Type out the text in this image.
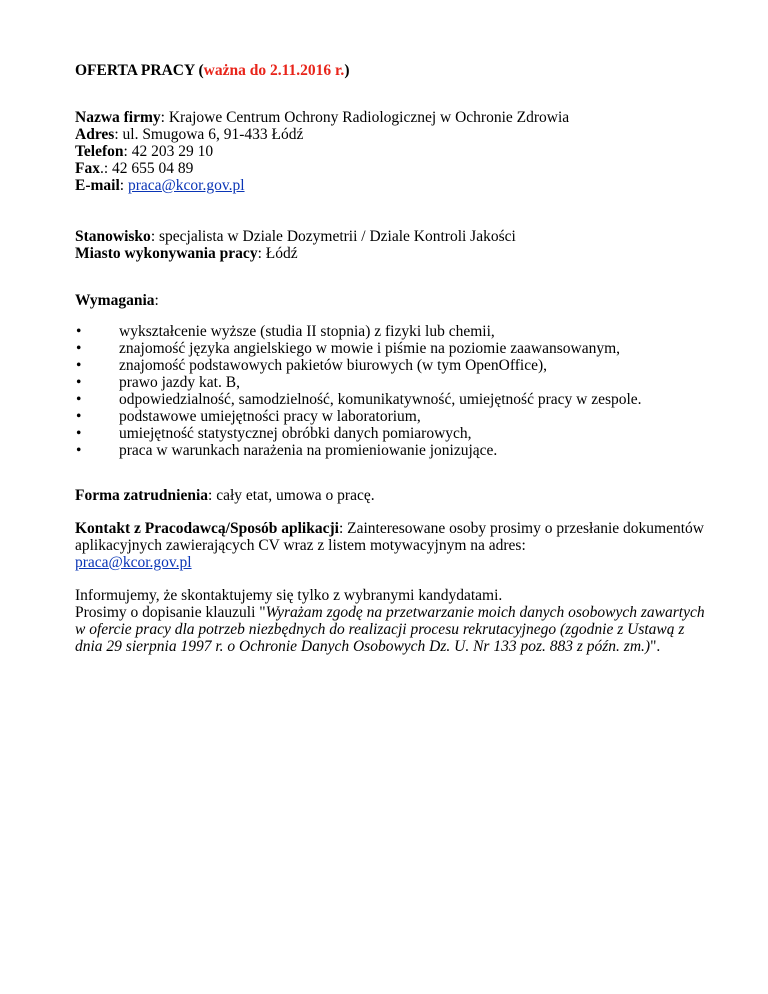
OFERTA PRACY (ważna do 2.11.2016 r.)

Nazwa firmy: Krajowe Centrum Ochrony Radiologicznej w Ochronie Zdrowia

Adres: ul. Smugowa 6, 91-433 Łódź

Telefon: 42 203 29 10

Fax.: 42 655 04 89

E-mail: praca@kcor.gov.pl

Stanowisko: specjalista w Dziale Dozymetrii / Dziale Kontroli Jakości

Miasto wykonywania pracy: Łódź

Wymagania:

• wykształcenie wyższe (studia II stopnia) z fizyki lub chemii,
• znajomość języka angielskiego w mowie i piśmie na poziomie zaawansowanym,
• znajomość podstawowych pakietów biurowych (w tym OpenOffice),
• prawo jazdy kat. B,
• odpowiedzialność, samodzielność, komunikatywność, umiejętność pracy w zespole.
• podstawowe umiejętności pracy w laboratorium,
• umiejętność statystycznej obróbki danych pomiarowych,
• praca w warunkach narażenia na promieniowanie jonizujące.

Forma zatrudnienia: cały etat, umowa o pracę.

Kontakt z Pracodawcą/Sposób aplikacji: Zainteresowane osoby prosimy o przesłanie dokumentów aplikacyjnych zawierających CV wraz z listem motywacyjnym na adres:
praca@kcor.gov.pl

Informujemy, że skontaktujemy się tylko z wybranymi kandydatami.
Prosimy o dopisanie klauzuli "Wyrażam zgodę na przetwarzanie moich danych osobowych zawartych w ofercie pracy dla potrzeb niezbędnych do realizacji procesu rekrutacyjnego (zgodnie z Ustawą z dnia 29 sierpnia 1997 r. o Ochronie Danych Osobowych Dz. U. Nr 133 poz. 883 z późn. zm.)".
